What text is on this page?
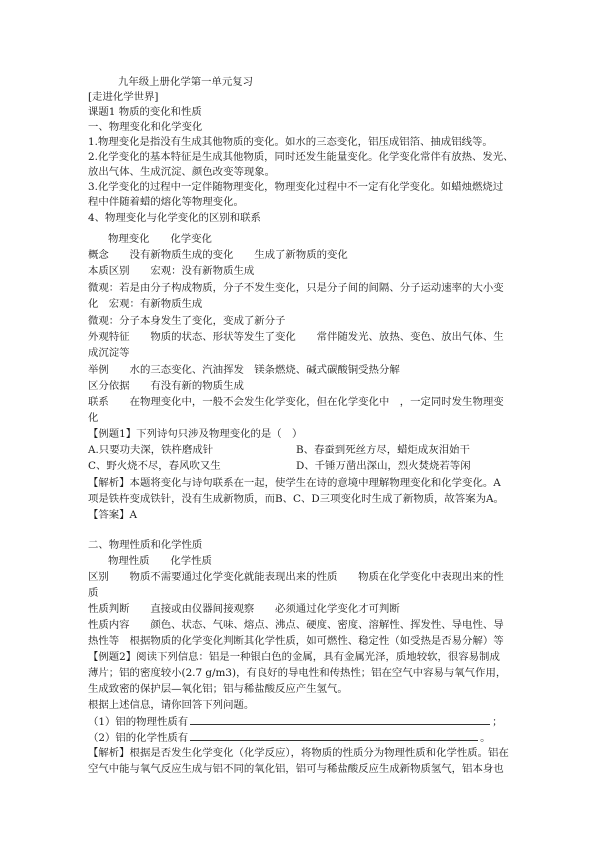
九年级上册化学第一单元复习
[走进化学世界]
课题1 物质的变化和性质
一、物理变化和化学变化
1.物理变化是指没有生成其他物质的变化。如水的三态变化，铝压成铝箔、抽成铝线等。
2.化学变化的基本特征是生成其他物质，同时还发生能量变化。化学变化常伴有放热、发光、
放出气体、生成沉淀、颜色改变等现象。
3.化学变化的过程中一定伴随物理变化，物理变化过程中不一定有化学变化。如蜡烛燃烧过
程中伴随着蜡的熔化等物理变化。
4、物理变化与化学变化的区别和联系
物理变化　　化学变化
概念　　没有新物质生成的变化　　生成了新物质的变化
本质区别　　宏观：没有新物质生成
微观：若是由分子构成物质，分子不发生变化，只是分子间的间隔、分子运动速率的大小变
化　宏观：有新物质生成
微观：分子本身发生了变化，变成了新分子
外观特征　　物质的状态、形状等发生了变化　　常伴随发光、放热、变色、放出气体、生
成沉淀等
举例　　水的三态变化、汽油挥发　镁条燃烧、碱式碳酸铜受热分解
区分依据　　有没有新的物质生成
联系　　在物理变化中，一般不会发生化学变化，但在化学变化中　，一定同时发生物理变
化
【例题1】下列诗句只涉及物理变化的是（　）
A.只要功夫深，铁杵磨成针	B、春蚕到死丝方尽，蜡炬成灰泪始干
C、野火烧不尽，春风吹又生	D、千锤万凿出深山，烈火焚烧若等闲
【解析】本题将变化与诗句联系在一起，使学生在诗的意境中理解物理变化和化学变化。A
项是铁杵变成铁针，没有生成新物质，而B、C、D三项变化时生成了新物质，故答案为A。
【答案】A
二、物理性质和化学性质
物理性质　　化学性质
区别　　物质不需要通过化学变化就能表现出来的性质　　物质在化学变化中表现出来的性
质
性质判断　　直接或由仪器间接观察　　必须通过化学变化才可判断
性质内容　　颜色、状态、气味、熔点、沸点、硬度、密度、溶解性、挥发性、导电性、导
热性等　根据物质的化学变化判断其化学性质，如可燃性、稳定性（如受热是否易分解）等
【例题2】阅读下列信息：铝是一种银白色的金属，具有金属光泽，质地较软，很容易制成
薄片；铝的密度较小(2.7 g/m3)，有良好的导电性和传热性；铝在空气中容易与氧气作用，
生成致密的保护层—氧化铝；铝与稀盐酸反应产生氢气。
根据上述信息，请你回答下列问题。
（1）铝的物理性质有	；
（2）铝的化学性质有	。
【解析】根据是否发生化学变化（化学反应），将物质的性质分为物理性质和化学性质。铝在
空气中能与氧气反应生成与铝不同的氧化铝，铝可与稀盐酸反应生成新物质氢气，铝本身也
